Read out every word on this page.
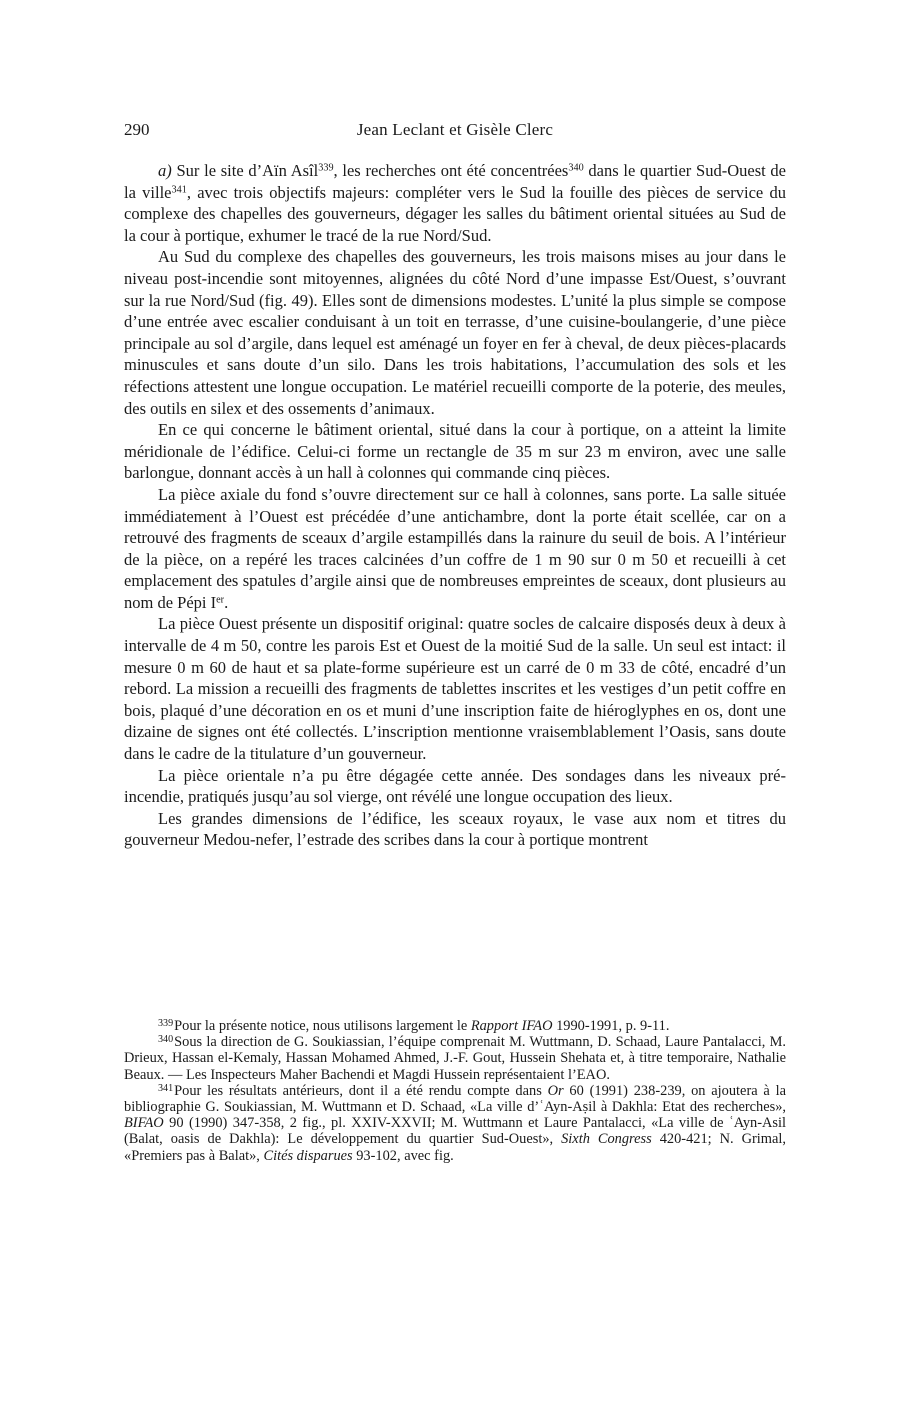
290	Jean Leclant et Gisèle Clerc

a) Sur le site d’Aïn Asîl$^{339}$, les recherches ont été concentrées$^{340}$ dans le quartier Sud-Ouest de la ville$^{341}$, avec trois objectifs majeurs: compléter vers le Sud la fouille des pièces de service du complexe des chapelles des gouverneurs, dégager les salles du bâtiment oriental situées au Sud de la cour à portique, exhumer le tracé de la rue Nord/Sud.

Au Sud du complexe des chapelles des gouverneurs, les trois maisons mises au jour dans le niveau post-incendie sont mitoyennes, alignées du côté Nord d’une impasse Est/Ouest, s’ouvrant sur la rue Nord/Sud (fig. 49). Elles sont de dimensions modestes. L’unité la plus simple se compose d’une entrée avec escalier conduisant à un toit en terrasse, d’une cuisine-boulangerie, d’une pièce principale au sol d’argile, dans lequel est aménagé un foyer en fer à cheval, de deux pièces-placards minuscules et sans doute d’un silo. Dans les trois habitations, l’accumulation des sols et les réfections attestent une longue occupation. Le matériel recueilli comporte de la poterie, des meules, des outils en silex et des ossements d’animaux.

En ce qui concerne le bâtiment oriental, situé dans la cour à portique, on a atteint la limite méridionale de l’édifice. Celui-ci forme un rectangle de 35 m sur 23 m environ, avec une salle barlongue, donnant accès à un hall à colonnes qui commande cinq pièces.

La pièce axiale du fond s’ouvre directement sur ce hall à colonnes, sans porte. La salle située immédiatement à l’Ouest est précédée d’une antichambre, dont la porte était scellée, car on a retrouvé des fragments de sceaux d’argile estampillés dans la rainure du seuil de bois. A l’intérieur de la pièce, on a repéré les traces calcinées d’un coffre de 1 m 90 sur 0 m 50 et recueilli à cet emplacement des spatules d’argile ainsi que de nombreuses empreintes de sceaux, dont plusieurs au nom de Pépi Ier.

La pièce Ouest présente un dispositif original: quatre socles de calcaire disposés deux à deux à intervalle de 4 m 50, contre les parois Est et Ouest de la moitié Sud de la salle. Un seul est intact: il mesure 0 m 60 de haut et sa plate-forme supérieure est un carré de 0 m 33 de côté, encadré d’un rebord. La mission a recueilli des fragments de tablettes inscrites et les vestiges d’un petit coffre en bois, plaqué d’une décoration en os et muni d’une inscription faite de hiéroglyphes en os, dont une dizaine de signes ont été collectés. L’inscription mentionne vraisemblablement l’Oasis, sans doute dans le cadre de la titulature d’un gouverneur.

La pièce orientale n’a pu être dégagée cette année. Des sondages dans les niveaux pré-incendie, pratiqués jusqu’au sol vierge, ont révélé une longue occupation des lieux.

Les grandes dimensions de l’édifice, les sceaux royaux, le vase aux nom et titres du gouverneur Medou-nefer, l’estrade des scribes dans la cour à portique montrent

$^{339}$Pour la présente notice, nous utilisons largement le Rapport IFAO 1990-1991, p. 9-11.

$^{340}$Sous la direction de G. Soukiassian, l’équipe comprenait M. Wuttmann, D. Schaad, Laure Pantalacci, M. Drieux, Hassan el-Kemaly, Hassan Mohamed Ahmed, J.-F. Gout, Hussein Shehata et, à titre temporaire, Nathalie Beaux. — Les Inspecteurs Maher Bachendi et Magdi Hussein représentaient l’EAO.

$^{341}$Pour les résultats antérieurs, dont il a été rendu compte dans Or 60 (1991) 238-239, on ajoutera à la bibliographie G. Soukiassian, M. Wuttmann et D. Schaad, «La ville d’ʿAyn-Aṣil à Dakhla: Etat des recherches», BIFAO 90 (1990) 347-358, 2 fig., pl. XXIV-XXVII; M. Wuttmann et Laure Pantalacci, «La ville de ʿAyn-Asil (Balat, oasis de Dakhla): Le développement du quartier Sud-Ouest», Sixth Congress 420-421; N. Grimal, «Premiers pas à Balat», Cités disparues 93-102, avec fig.
